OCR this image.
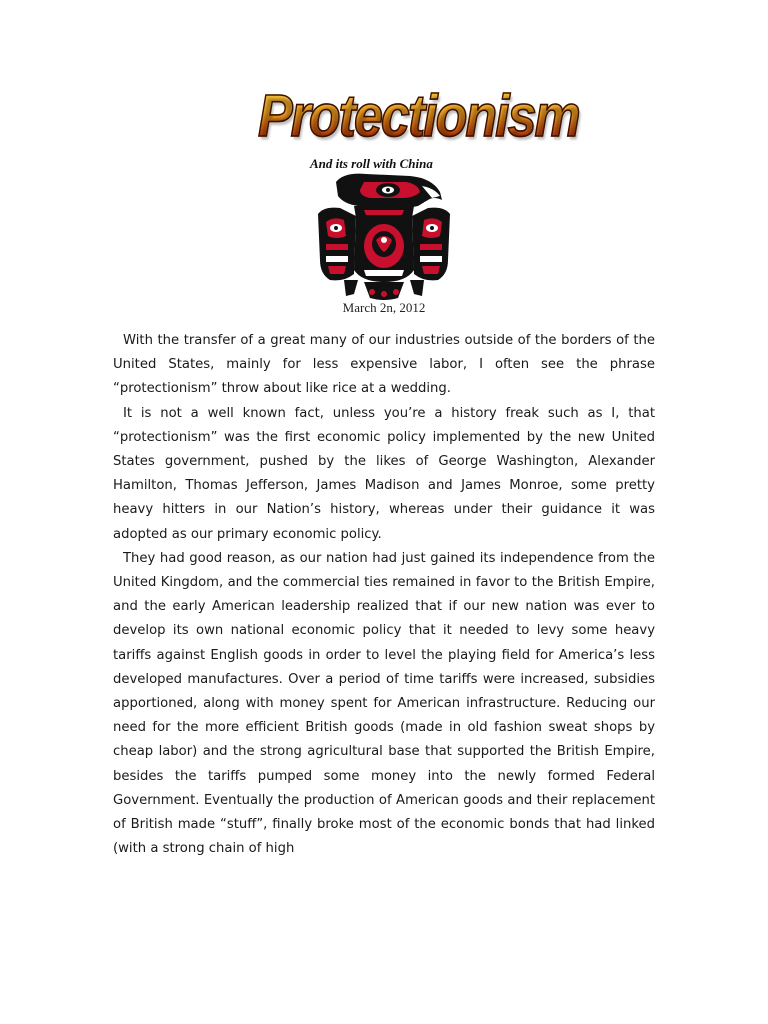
Protectionism
And its roll with China
March 2n, 2012

With the transfer of a great many of our industries outside of the borders of the United States, mainly for less expensive labor, I often see the phrase “protectionism” throw about like rice at a wedding.

It is not a well known fact, unless you’re a history freak such as I, that “protectionism” was the first economic policy implemented by the new United States government, pushed by the likes of George Washington, Alexander Hamilton, Thomas Jefferson, James Madison and James Monroe, some pretty heavy hitters in our Nation’s history, whereas under their guidance it was adopted as our primary economic policy.

They had good reason, as our nation had just gained its independence from the United Kingdom, and the commercial ties remained in favor to the British Empire, and the early American leadership realized that if our new nation was ever to develop its own national economic policy that it needed to levy some heavy tariffs against English goods in order to level the playing field for America’s less developed manufactures. Over a period of time tariffs were increased, subsidies apportioned, along with money spent for American infrastructure. Reducing our need for the more efficient British goods (made in old fashion sweat shops by cheap labor) and the strong agricultural base that supported the British Empire, besides the tariffs pumped some money into the newly formed Federal Government. Eventually the production of American goods and their replacement of British made “stuff”, finally broke most of the economic bonds that had linked (with a strong chain of high
